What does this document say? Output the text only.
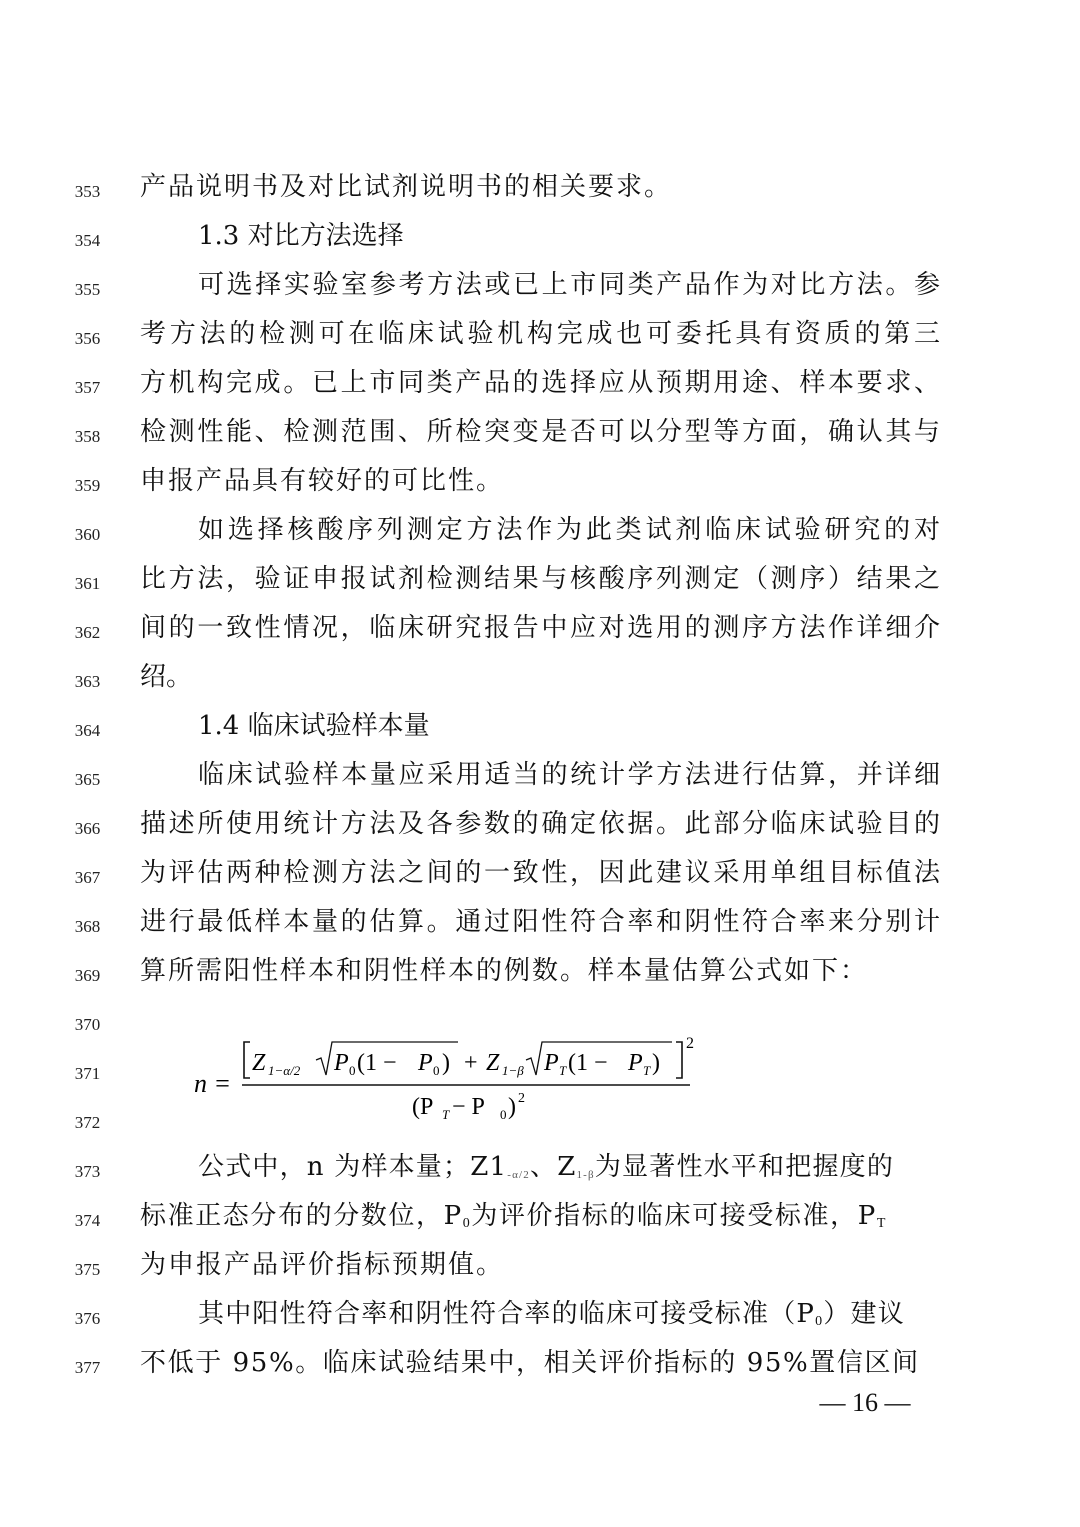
353	产品说明书及对比试剂说明书的相关要求。
354	1.3 对比方法选择
355	可选择实验室参考方法或已上市同类产品作为对比方法。参
356	考方法的检测可在临床试验机构完成也可委托具有资质的第三
357	方机构完成。已上市同类产品的选择应从预期用途、样本要求、
358	检测性能、检测范围、所检突变是否可以分型等方面，确认其与
359	申报产品具有较好的可比性。
360	如选择核酸序列测定方法作为此类试剂临床试验研究的对
361	比方法，验证申报试剂检测结果与核酸序列测定（测序）结果之
362	间的一致性情况，临床研究报告中应对选用的测序方法作详细介
363	绍。
364	1.4 临床试验样本量
365	临床试验样本量应采用适当的统计学方法进行估算，并详细
366	描述所使用统计方法及各参数的确定依据。此部分临床试验目的
367	为评估两种检测方法之间的一致性，因此建议采用单组目标值法
368	进行最低样本量的估算。通过阳性符合率和阴性符合率来分别计
369	算所需阳性样本和阴性样本的例数。样本量估算公式如下：
370
371
372
n =
2
Z 1−α/2 P 0 (1 − P 0 ) + Z 1−β P T (1 − P T )
(P T − P 0 ) 2
373	公式中，n 为样本量；Z1-α/2、Z1-β为显著性水平和把握度的
374	标准正态分布的分数位，$P_0$为评价指标的临床可接受标准，$P_T$
375	为申报产品评价指标预期值。
376	其中阳性符合率和阴性符合率的临床可接受标准$(P_0)$建议
377	不低于 95%。临床试验结果中，相关评价指标的 95%置信区间
— 16 —
